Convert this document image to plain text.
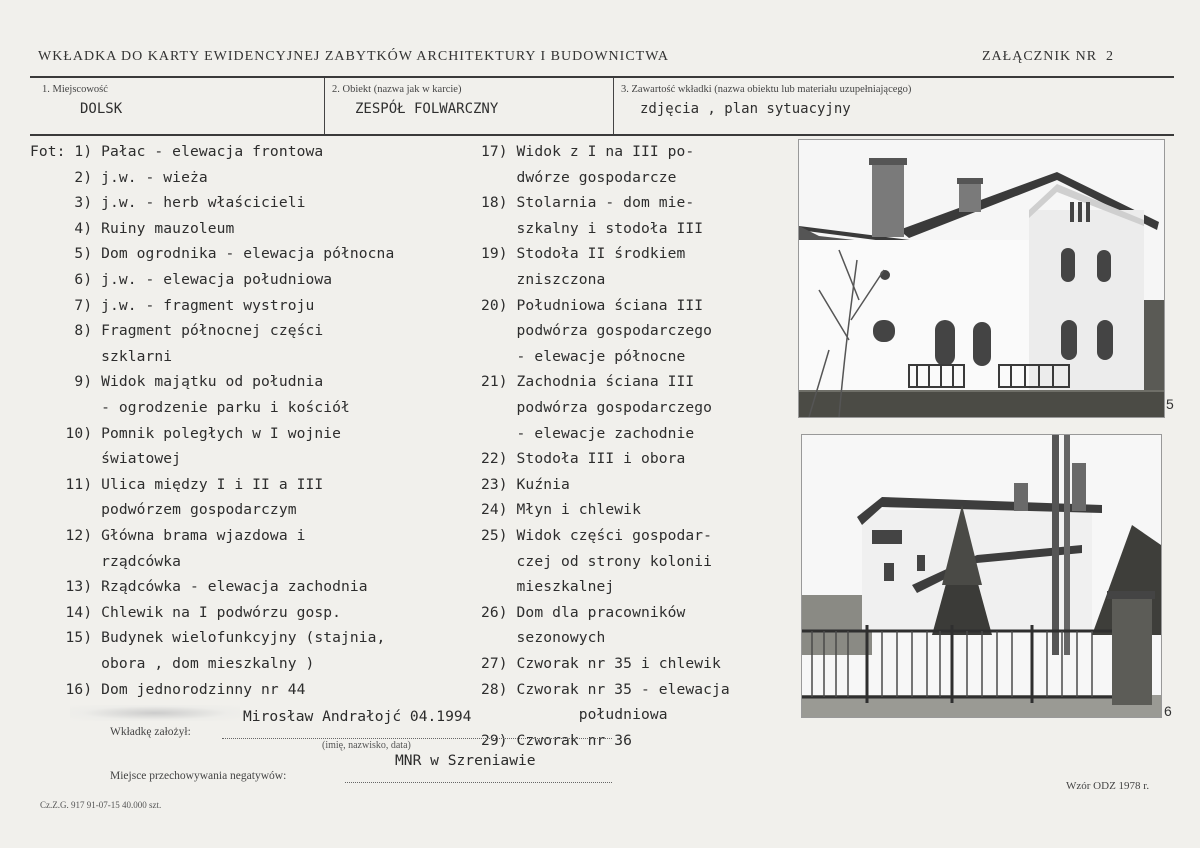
WKŁADKA DO KARTY EWIDENCYJNEJ ZABYTKÓW ARCHITEKTURY I BUDOWNICTWA	ZAŁĄCZNIK NR 2
1. Miejscowość
DOLSK
2. Obiekt (nazwa jak w karcie)
ZESPÓŁ FOLWARCZNY
3. Zawartość wkładki (nazwa obiektu lub materiału uzupełniającego)
zdjęcia , plan sytuacyjny
Fot: 1) Pałac - elewacja frontowa
2) j.w. - wieża
3) j.w. - herb właścicieli
4) Ruiny mauzoleum
5) Dom ogrodnika - elewacja północna
6) j.w. - elewacja południowa
7) j.w. - fragment wystroju
8) Fragment północnej części
szklarni
9) Widok majątku od południa
- ogrodzenie parku i kościół
10) Pomnik poległych w I wojnie
światowej
11) Ulica między I i II a III
podwórzem gospodarczym
12) Główna brama wjazdowa i
rządcówka
13) Rządcówka - elewacja zachodnia
14) Chlewik na I podwórzu gosp.
15) Budynek wielofunkcyjny (stajnia,
obora , dom mieszkalny )
16) Dom jednorodzinny nr 44
17) Widok z I na III po-
dwórze gospodarcze
18) Stolarnia - dom mie-
szkalny i stodoła III
19) Stodoła II środkiem
zniszczona
20) Południowa ściana III
podwórza gospodarczego
- elewacje północne
21) Zachodnia ściana III
podwórza gospodarczego
- elewacje zachodnie
22) Stodoła III i obora
23) Kuźnia
24) Młyn i chlewik
25) Widok części gospodar-
czej od strony kolonii
mieszkalnej
26) Dom dla pracowników
sezonowych
27) Czworak nr 35 i chlewik
28) Czworak nr 35 - elewacja
południowa
29) Czworak nr 36
5
6
Mirosław Andrałojć 04.1994
Wkładkę założył:
(imię, nazwisko, data)
MNR w Szreniawie
Miejsce przechowywania negatywów:
Cz.Z.G. 917 91-07-15 40.000 szt.
Wzór ODZ 1978 r.
